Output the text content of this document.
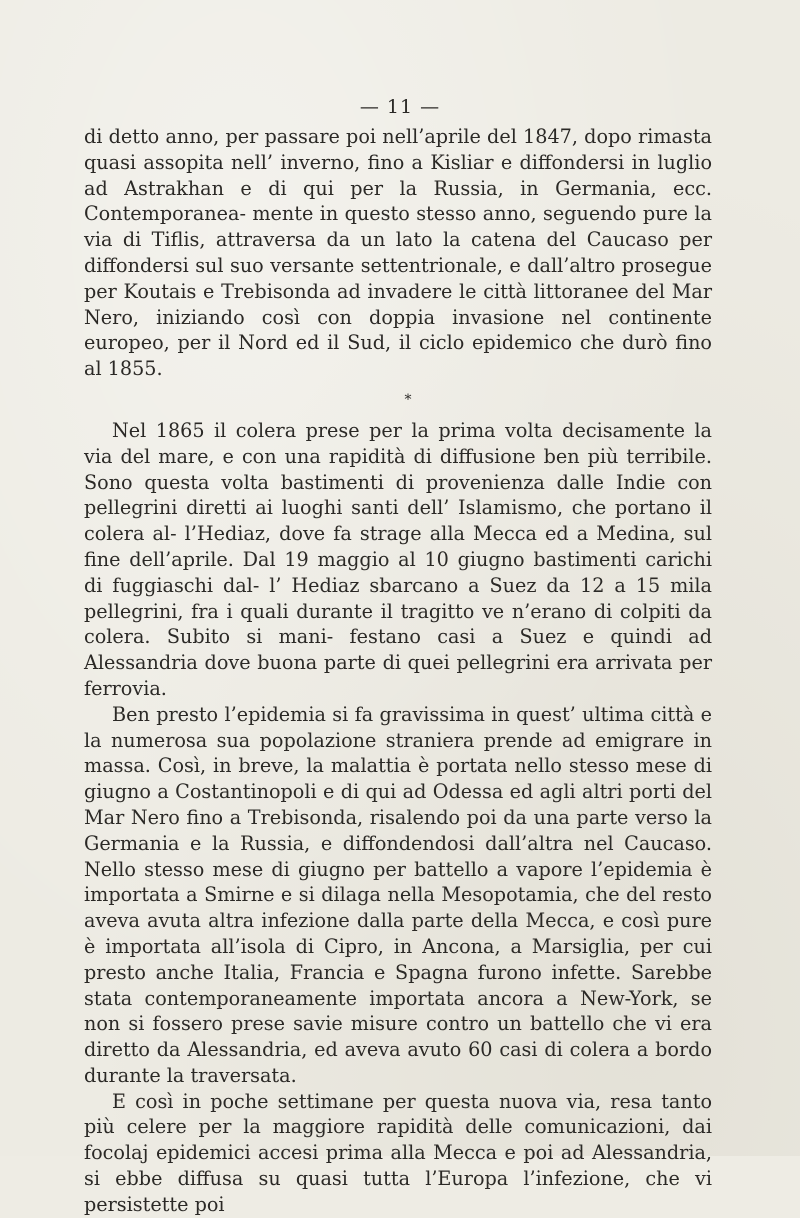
— 11 —

di detto anno, per passare poi nell’aprile del 1847, dopo rimasta quasi assopita nell’ inverno, fino a Kisliar e diffondersi in luglio ad Astrakhan e di qui per la Russia, in Germania, ecc. Contemporanea- mente in questo stesso anno, seguendo pure la via di Tiflis, attraversa da un lato la catena del Caucaso per diffondersi sul suo versante settentrionale, e dall’altro prosegue per Koutais e Trebisonda ad invadere le città littoranee del Mar Nero, iniziando così con doppia invasione nel continente europeo, per il Nord ed il Sud, il ciclo epidemico che durò fino al 1855.

*

Nel 1865 il colera prese per la prima volta decisamente la via del mare, e con una rapidità di diffusione ben più terribile. Sono questa volta bastimenti di provenienza dalle Indie con pellegrini diretti ai luoghi santi dell’ Islamismo, che portano il colera al- l’Hediaz, dove fa strage alla Mecca ed a Medina, sul fine dell’aprile. Dal 19 maggio al 10 giugno bastimenti carichi di fuggiaschi dal- l’ Hediaz sbarcano a Suez da 12 a 15 mila pellegrini, fra i quali durante il tragitto ve n’erano di colpiti da colera. Subito si mani- festano casi a Suez e quindi ad Alessandria dove buona parte di quei pellegrini era arrivata per ferrovia.

Ben presto l’epidemia si fa gravissima in quest’ ultima città e la numerosa sua popolazione straniera prende ad emigrare in massa. Così, in breve, la malattia è portata nello stesso mese di giugno a Costantinopoli e di qui ad Odessa ed agli altri porti del Mar Nero fino a Trebisonda, risalendo poi da una parte verso la Germania e la Russia, e diffondendosi dall’altra nel Caucaso. Nello stesso mese di giugno per battello a vapore l’epidemia è importata a Smirne e si dilaga nella Mesopotamia, che del resto aveva avuta altra infezione dalla parte della Mecca, e così pure è importata all’isola di Cipro, in Ancona, a Marsiglia, per cui presto anche Italia, Francia e Spagna furono infette. Sarebbe stata contemporaneamente importata ancora a New-York, se non si fossero prese savie misure contro un battello che vi era diretto da Alessandria, ed aveva avuto 60 casi di colera a bordo durante la traversata.

E così in poche settimane per questa nuova via, resa tanto più celere per la maggiore rapidità delle comunicazioni, dai focolaj epidemici accesi prima alla Mecca e poi ad Alessandria, si ebbe diffusa su quasi tutta l’Europa l’infezione, che vi persistette poi
